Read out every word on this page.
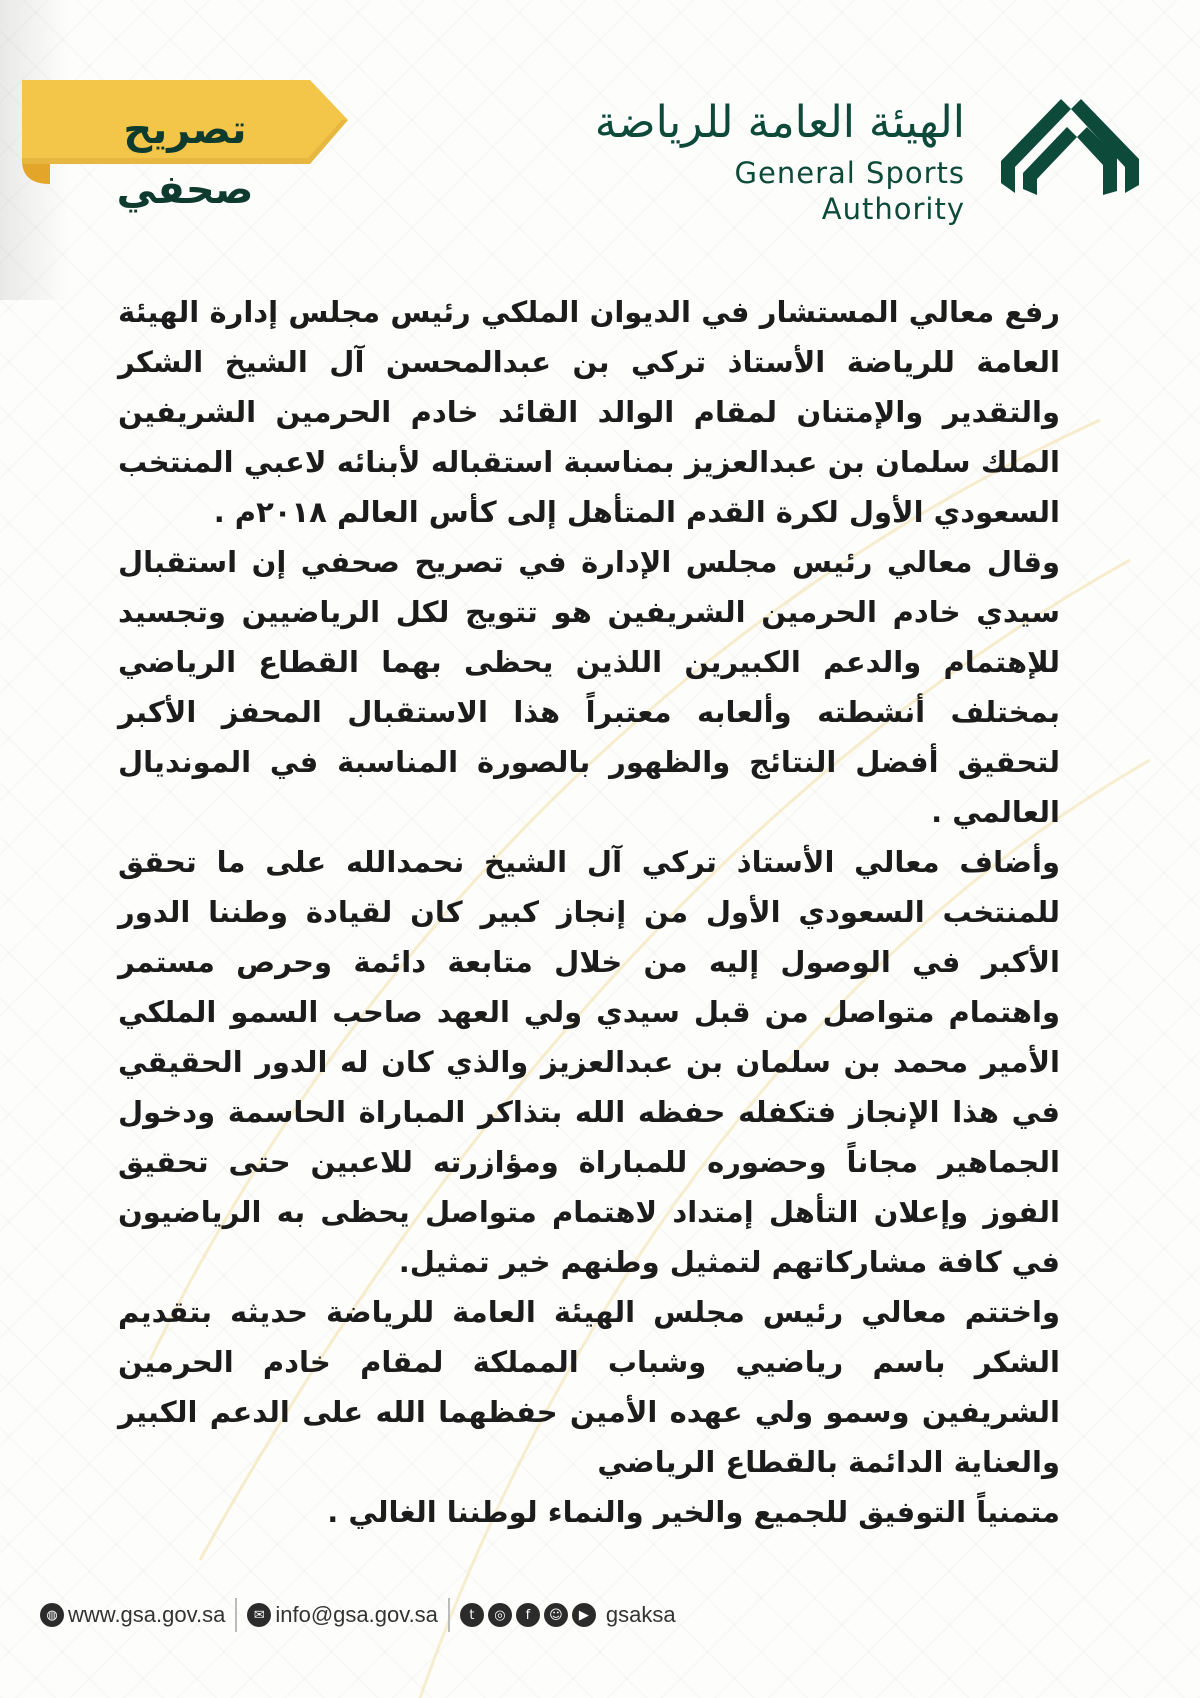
تصريح صحفي
الهيئة العامة للرياضة
General Sports Authority

رفع معالي المستشار في الديوان الملكي رئيس مجلس إدارة الهيئة العامة للرياضة الأستاذ تركي بن عبدالمحسن آل الشيخ الشكر والتقدير والإمتنان لمقام الوالد القائد خادم الحرمين الشريفين الملك سلمان بن عبدالعزيز بمناسبة استقباله لأبنائه لاعبي المنتخب السعودي الأول لكرة القدم المتأهل إلى كأس العالم ٢٠١٨م .

وقال معالي رئيس مجلس الإدارة في تصريح صحفي إن استقبال سيدي خادم الحرمين الشريفين هو تتويج لكل الرياضيين وتجسيد للإهتمام والدعم الكبيرين اللذين يحظى بهما القطاع الرياضي بمختلف أنشطته وألعابه معتبراً هذا الاستقبال المحفز الأكبر لتحقيق أفضل النتائج والظهور بالصورة المناسبة في المونديال العالمي .

وأضاف معالي الأستاذ تركي آل الشيخ نحمدالله على ما تحقق للمنتخب السعودي الأول من إنجاز كبير كان لقيادة وطننا الدور الأكبر في الوصول إليه من خلال متابعة دائمة وحرص مستمر واهتمام متواصل من قبل سيدي ولي العهد صاحب السمو الملكي الأمير محمد بن سلمان بن عبدالعزيز والذي كان له الدور الحقيقي في هذا الإنجاز فتكفله حفظه الله بتذاكر المباراة الحاسمة ودخول الجماهير مجاناً وحضوره للمباراة ومؤازرته للاعبين حتى تحقيق الفوز وإعلان التأهل إمتداد لاهتمام متواصل يحظى به الرياضيون في كافة مشاركاتهم لتمثيل وطنهم خير تمثيل.

واختتم معالي رئيس مجلس الهيئة العامة للرياضة حديثه بتقديم الشكر باسم رياضيي وشباب المملكة لمقام خادم الحرمين الشريفين وسمو ولي عهده الأمين حفظهما الله على الدعم الكبير والعناية الدائمة بالقطاع الرياضي

متمنياً التوفيق للجميع والخير والنماء لوطننا الغالي .

◍ www.gsa.gov.sa	✉ info@gsa.gov.sa	t	◎	f	☺	▶ gsaksa
